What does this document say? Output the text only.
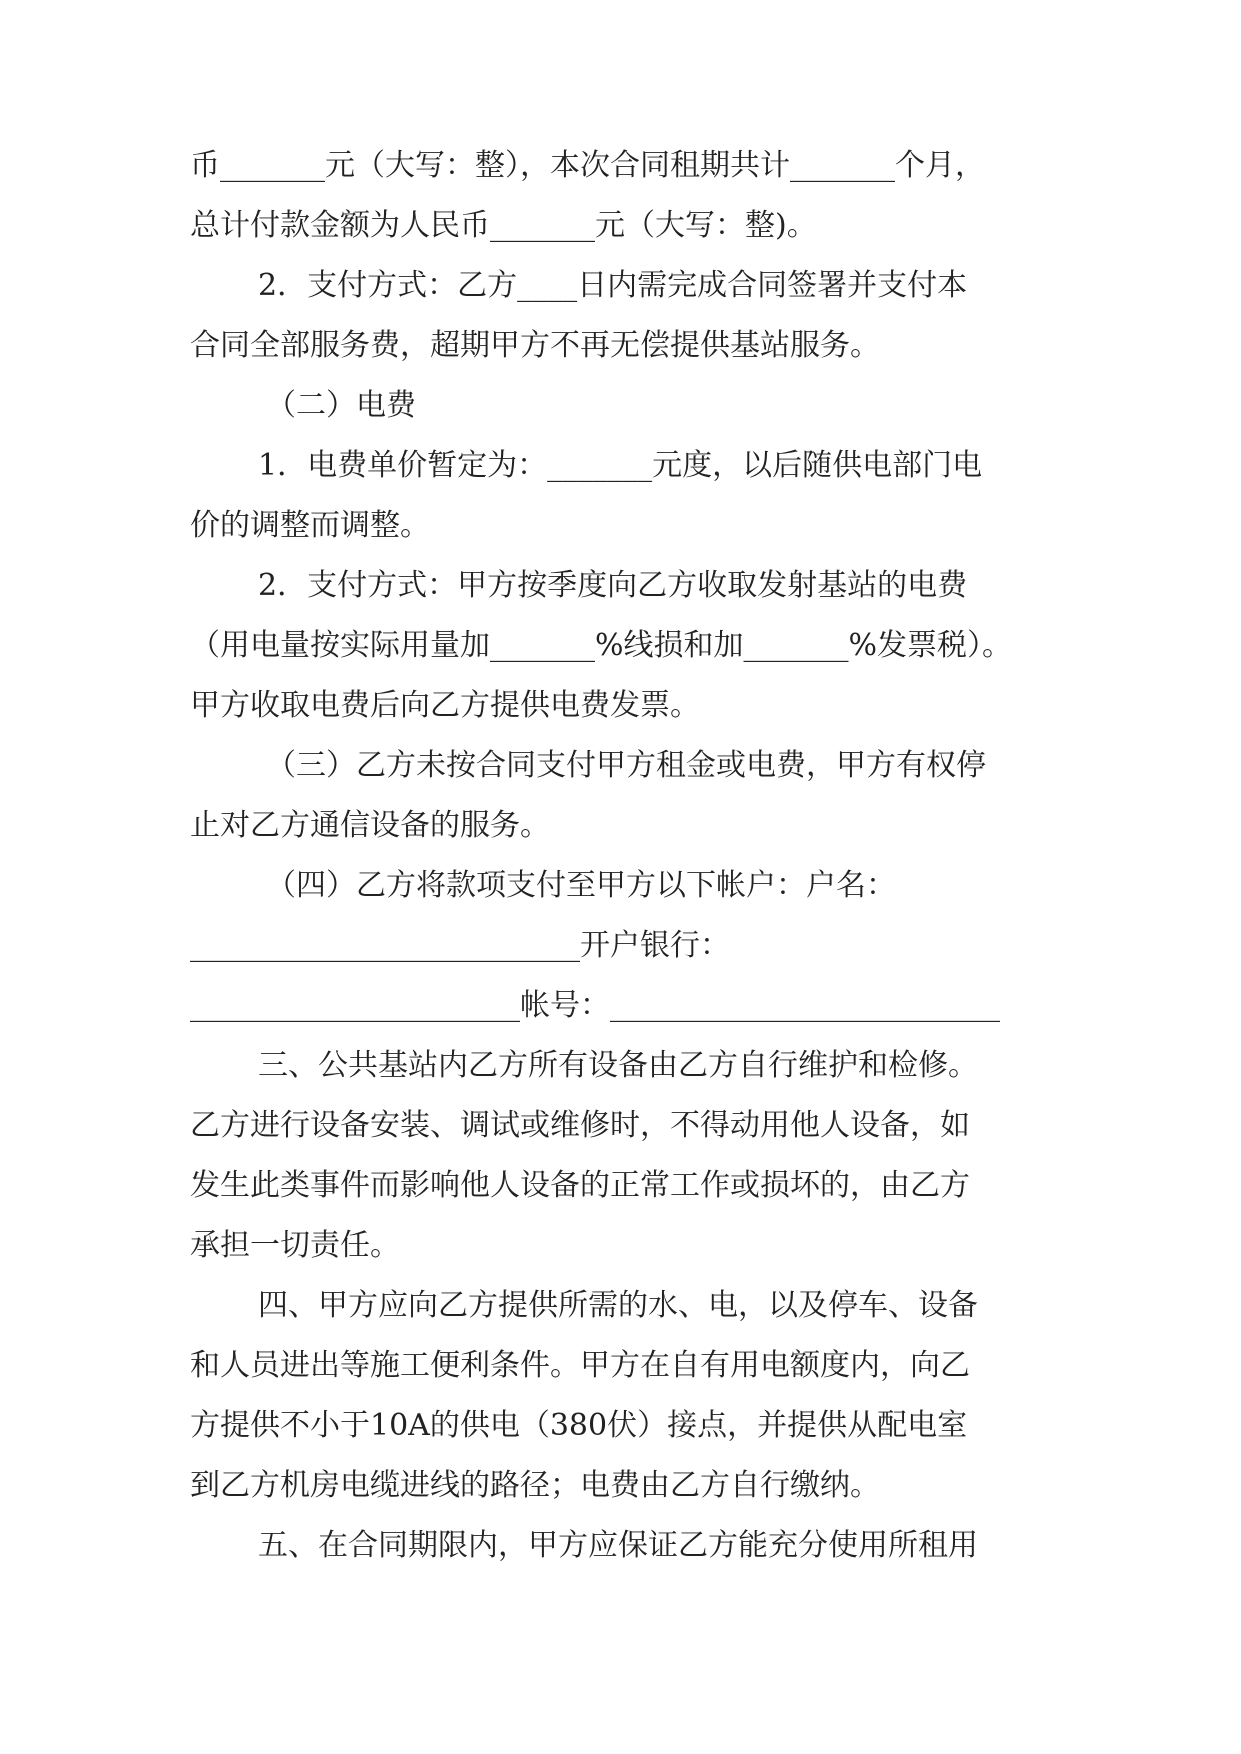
币_______元（大写：整），本次合同租期共计_______个月，
总计付款金额为人民币_______元（大写：整)。
2．支付方式：乙方____日内需完成合同签署并支付本
合同全部服务费，超期甲方不再无偿提供基站服务。
（二）电费
1．电费单价暂定为：_______元度，以后随供电部门电
价的调整而调整。
2．支付方式：甲方按季度向乙方收取发射基站的电费
（用电量按实际用量加_______%线损和加_______%发票税）。
甲方收取电费后向乙方提供电费发票。
（三）乙方未按合同支付甲方租金或电费，甲方有权停
止对乙方通信设备的服务。
（四）乙方将款项支付至甲方以下帐户：户名：
__________________________开户银行：
______________________帐号：__________________________
三、公共基站内乙方所有设备由乙方自行维护和检修。
乙方进行设备安装、调试或维修时，不得动用他人设备，如
发生此类事件而影响他人设备的正常工作或损坏的，由乙方
承担一切责任。
四、甲方应向乙方提供所需的水、电，以及停车、设备
和人员进出等施工便利条件。甲方在自有用电额度内，向乙
方提供不小于10A的供电（380伏）接点，并提供从配电室
到乙方机房电缆进线的路径；电费由乙方自行缴纳。
五、在合同期限内，甲方应保证乙方能充分使用所租用
